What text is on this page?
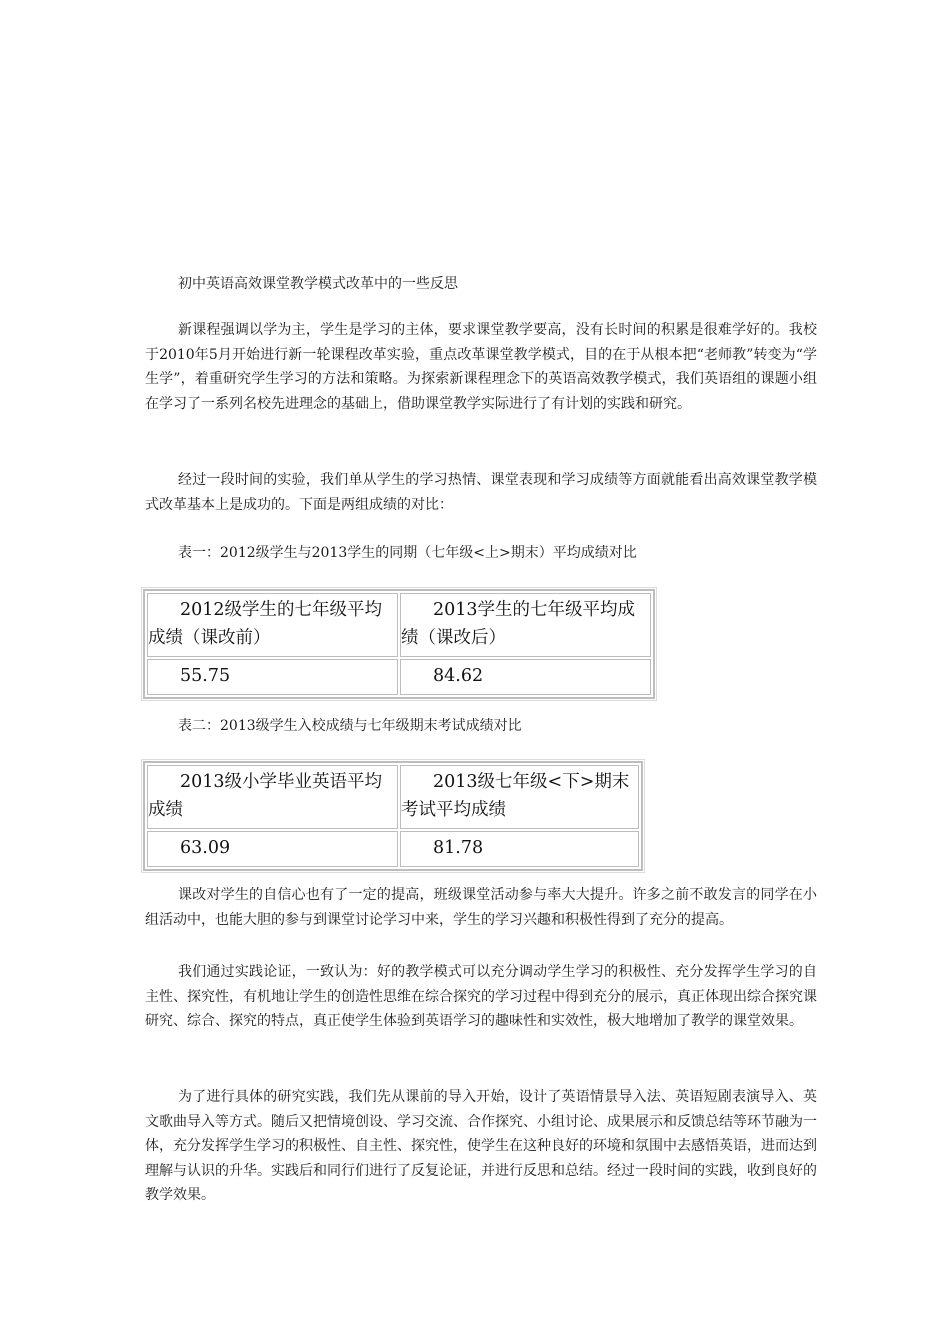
初中英语高效课堂教学模式改革中的一些反思
新课程强调以学为主，学生是学习的主体，要求课堂教学要高，没有长时间的积累是很难学好的。我校于2010年5月开始进行新一轮课程改革实验，重点改革课堂教学模式，目的在于从根本把“老师教”转变为“学生学”，着重研究学生学习的方法和策略。为探索新课程理念下的英语高效教学模式，我们英语组的课题小组在学习了一系列名校先进理念的基础上，借助课堂教学实际进行了有计划的实践和研究。
经过一段时间的实验，我们单从学生的学习热情、课堂表现和学习成绩等方面就能看出高效课堂教学模式改革基本上是成功的。下面是两组成绩的对比：
表一：2012级学生与2013学生的同期（七年级<上>期末）平均成绩对比
2012级学生的七年级平均成绩（课改前）	2013学生的七年级平均成绩（课改后）

55.75	84.62
表二：2013级学生入校成绩与七年级期末考试成绩对比
2013级小学毕业英语平均成绩	2013级七年级<下>期末考试平均成绩

63.09	81.78
课改对学生的自信心也有了一定的提高，班级课堂活动参与率大大提升。许多之前不敢发言的同学在小组活动中，也能大胆的参与到课堂讨论学习中来，学生的学习兴趣和积极性得到了充分的提高。
我们通过实践论证，一致认为：好的教学模式可以充分调动学生学习的积极性、充分发挥学生学习的自主性、探究性，有机地让学生的创造性思维在综合探究的学习过程中得到充分的展示，真正体现出综合探究课研究、综合、探究的特点，真正使学生体验到英语学习的趣味性和实效性，极大地增加了教学的课堂效果。
为了进行具体的研究实践，我们先从课前的导入开始，设计了英语情景导入法、英语短剧表演导入、英文歌曲导入等方式。随后又把情境创设、学习交流、合作探究、小组讨论、成果展示和反馈总结等环节融为一体，充分发挥学生学习的积极性、自主性、探究性，使学生在这种良好的环境和氛围中去感悟英语，进而达到理解与认识的升华。实践后和同行们进行了反复论证，并进行反思和总结。经过一段时间的实践，收到良好的教学效果。
